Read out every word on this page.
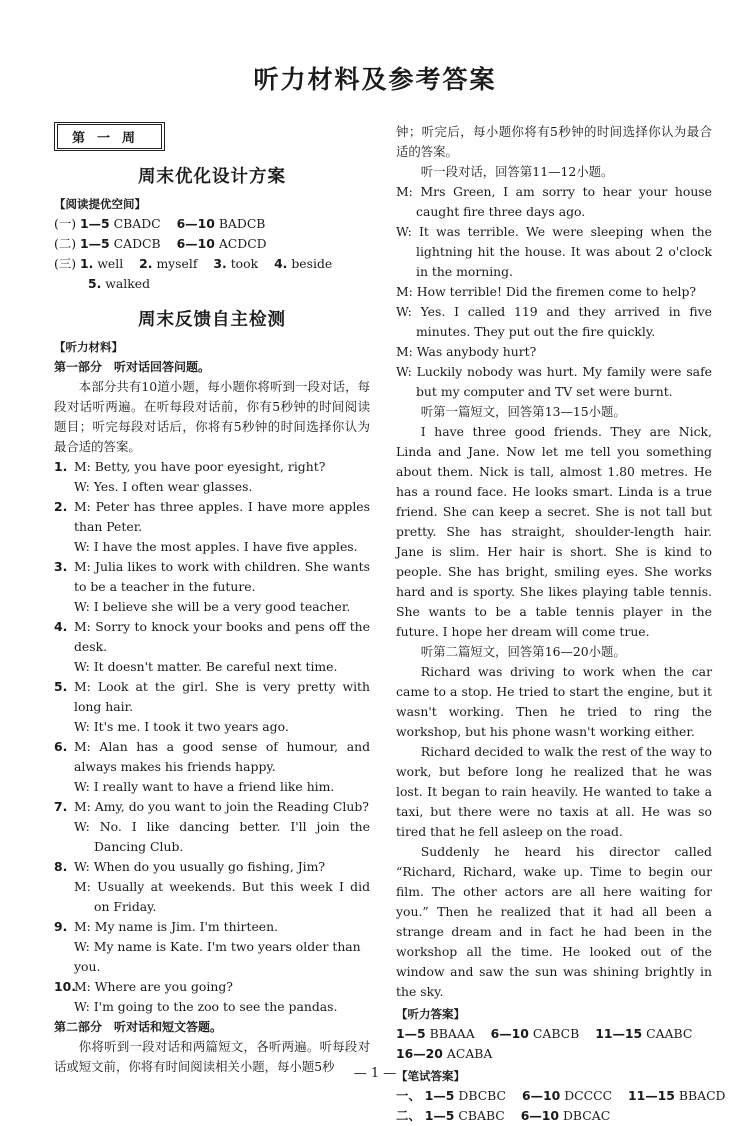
听力材料及参考答案
第一周
周末优化设计方案
【阅读提优空间】
(一) 1—5 CBADC 6—10 BADCB
(二) 1—5 CADCB 6—10 ACDCD
(三) 1. well 2. myself 3. took 4. beside
5. walked
周末反馈自主检测
【听力材料】
第一部分　听对话回答问题。
本部分共有10道小题，每小题你将听到一段对话，每段对话听两遍。在听每段对话前，你有5秒钟的时间阅读题目；听完每段对话后，你将有5秒钟的时间选择你认为最合适的答案。
1. M: Betty, you have poor eyesight, right?
W: Yes. I often wear glasses.
2. M: Peter has three apples. I have more apples than Peter.
W: I have the most apples. I have five apples.
3. M: Julia likes to work with children. She wants to be a teacher in the future.
W: I believe she will be a very good teacher.
4. M: Sorry to knock your books and pens off the desk.
W: It doesn't matter. Be careful next time.
5. M: Look at the girl. She is very pretty with long hair.
W: It's me. I took it two years ago.
6. M: Alan has a good sense of humour, and always makes his friends happy.
W: I really want to have a friend like him.
7. M: Amy, do you want to join the Reading Club?
W: No. I like dancing better. I'll join the Dancing Club.
8. W: When do you usually go fishing, Jim?
M: Usually at weekends. But this week I did on Friday.
9. M: My name is Jim. I'm thirteen.
W: My name is Kate. I'm two years older than you.
10.M: Where are you going?
W: I'm going to the zoo to see the pandas.
第二部分　听对话和短文答题。
你将听到一段对话和两篇短文，各听两遍。听每段对话或短文前，你将有时间阅读相关小题，每小题5秒
钟；听完后，每小题你将有5秒钟的时间选择你认为最合适的答案。
听一段对话，回答第11—12小题。
M: Mrs Green, I am sorry to hear your house caught fire three days ago.
W: It was terrible. We were sleeping when the lightning hit the house. It was about 2 o'clock in the morning.
M: How terrible! Did the firemen come to help?
W: Yes. I called 119 and they arrived in five minutes. They put out the fire quickly.
M: Was anybody hurt?
W: Luckily nobody was hurt. My family were safe but my computer and TV set were burnt.
听第一篇短文，回答第13—15小题。
I have three good friends. They are Nick, Linda and Jane. Now let me tell you something about them. Nick is tall, almost 1.80 metres. He has a round face. He looks smart. Linda is a true friend. She can keep a secret. She is not tall but pretty. She has straight, shoulder-length hair. Jane is slim. Her hair is short. She is kind to people. She has bright, smiling eyes. She works hard and is sporty. She likes playing table tennis. She wants to be a table tennis player in the future. I hope her dream will come true.
听第二篇短文，回答第16—20小题。
Richard was driving to work when the car came to a stop. He tried to start the engine, but it wasn't working. Then he tried to ring the workshop, but his phone wasn't working either.
Richard decided to walk the rest of the way to work, but before long he realized that he was lost. It began to rain heavily. He wanted to take a taxi, but there were no taxis at all. He was so tired that he fell asleep on the road.
Suddenly he heard his director called “Richard, Richard, wake up. Time to begin our film. The other actors are all here waiting for you.” Then he realized that it had all been a strange dream and in fact he had been in the workshop all the time. He looked out of the window and saw the sun was shining brightly in the sky.
【听力答案】
1—5 BBAAA 6—10 CABCB 11—15 CAABC
16—20 ACABA
【笔试答案】
一、 1—5 DBCBC 6—10 DCCCC 11—15 BBACD
二、 1—5 CBABC 6—10 DBCAC
— 1 —
